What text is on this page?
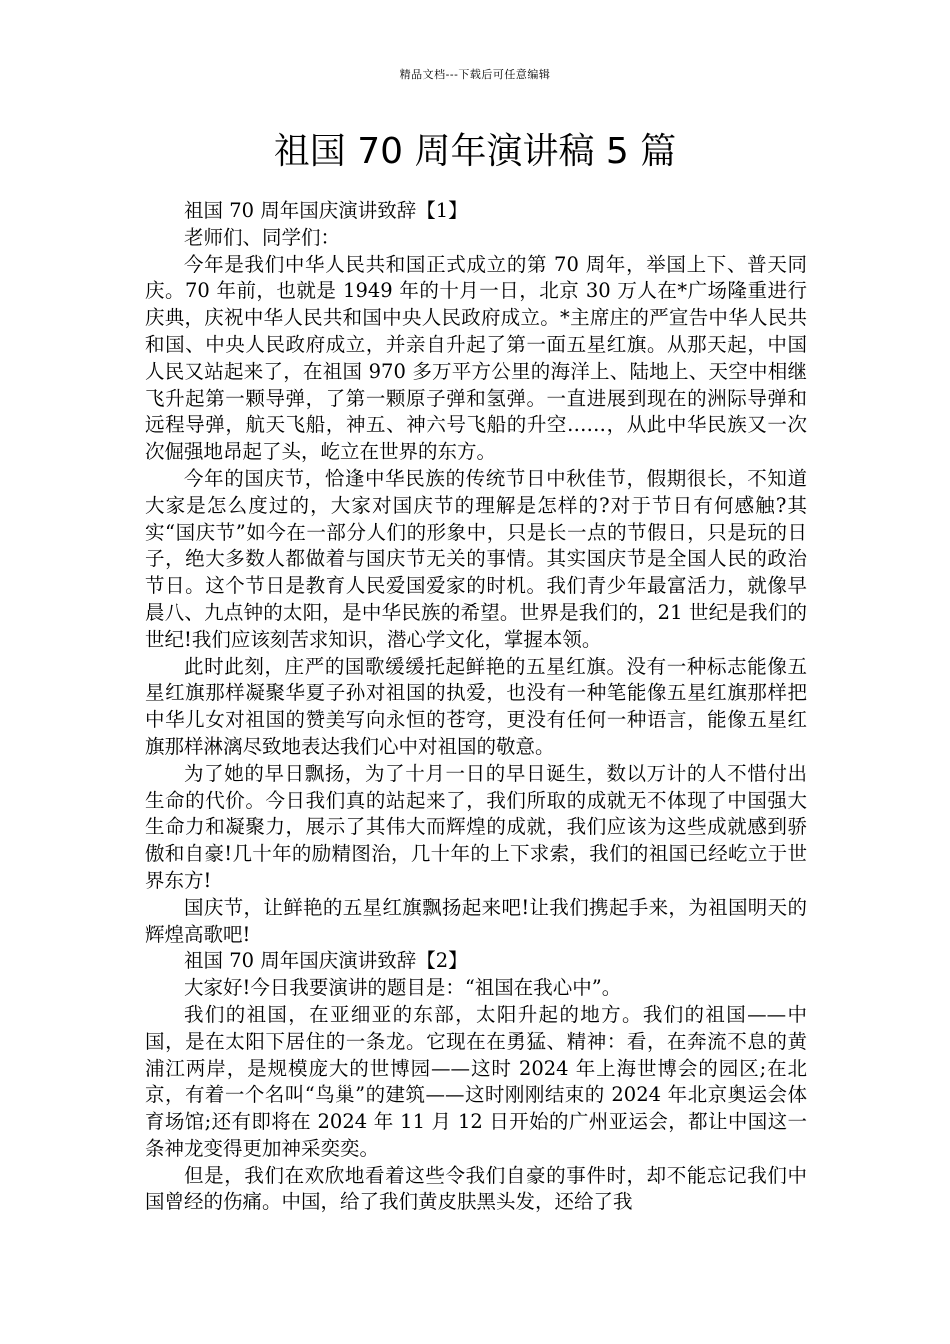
精品文档---下载后可任意编辑
祖国 70 周年演讲稿 5 篇

祖国 70 周年国庆演讲致辞【1】

老师们、同学们：

今年是我们中华人民共和国正式成立的第 70 周年，举国上下、普天同庆。70 年前，也就是 1949 年的十月一日，北京 30 万人在*广场隆重进行庆典，庆祝中华人民共和国中央人民政府成立。*主席庄的严宣告中华人民共和国、中央人民政府成立，并亲自升起了第一面五星红旗。从那天起，中国人民又站起来了，在祖国 970 多万平方公里的海洋上、陆地上、天空中相继飞升起第一颗导弹，了第一颗原子弹和氢弹。一直进展到现在的洲际导弹和远程导弹，航天飞船，神五、神六号飞船的升空……，从此中华民族又一次次倔强地昂起了头，屹立在世界的东方。

今年的国庆节，恰逢中华民族的传统节日中秋佳节，假期很长，不知道大家是怎么度过的，大家对国庆节的理解是怎样的?对于节日有何感触?其实“国庆节”如今在一部分人们的形象中，只是长一点的节假日，只是玩的日子，绝大多数人都做着与国庆节无关的事情。其实国庆节是全国人民的政治节日。这个节日是教育人民爱国爱家的时机。我们青少年最富活力，就像早晨八、九点钟的太阳，是中华民族的希望。世界是我们的，21 世纪是我们的世纪!我们应该刻苦求知识，潜心学文化，掌握本领。

此时此刻，庄严的国歌缓缓托起鲜艳的五星红旗。没有一种标志能像五星红旗那样凝聚华夏子孙对祖国的执爱，也没有一种笔能像五星红旗那样把中华儿女对祖国的赞美写向永恒的苍穹，更没有任何一种语言，能像五星红旗那样淋漓尽致地表达我们心中对祖国的敬意。

为了她的早日飘扬，为了十月一日的早日诞生，数以万计的人不惜付出生命的代价。今日我们真的站起来了，我们所取的成就无不体现了中国强大生命力和凝聚力，展示了其伟大而辉煌的成就，我们应该为这些成就感到骄傲和自豪!几十年的励精图治，几十年的上下求索，我们的祖国已经屹立于世界东方!

国庆节，让鲜艳的五星红旗飘扬起来吧!让我们携起手来，为祖国明天的辉煌高歌吧!

祖国 70 周年国庆演讲致辞【2】

大家好!今日我要演讲的题目是：“祖国在我心中”。

我们的祖国，在亚细亚的东部，太阳升起的地方。我们的祖国——中国，是在太阳下居住的一条龙。它现在在勇猛、精神：看，在奔流不息的黄浦江两岸，是规模庞大的世博园——这时 2024 年上海世博会的园区;在北京，有着一个名叫“鸟巢”的建筑——这时刚刚结束的 2024 年北京奥运会体育场馆;还有即将在 2024 年 11 月 12 日开始的广州亚运会，都让中国这一条神龙变得更加神采奕奕。

但是，我们在欢欣地看着这些令我们自豪的事件时，却不能忘记我们中国曾经的伤痛。中国，给了我们黄皮肤黑头发，还给了我
